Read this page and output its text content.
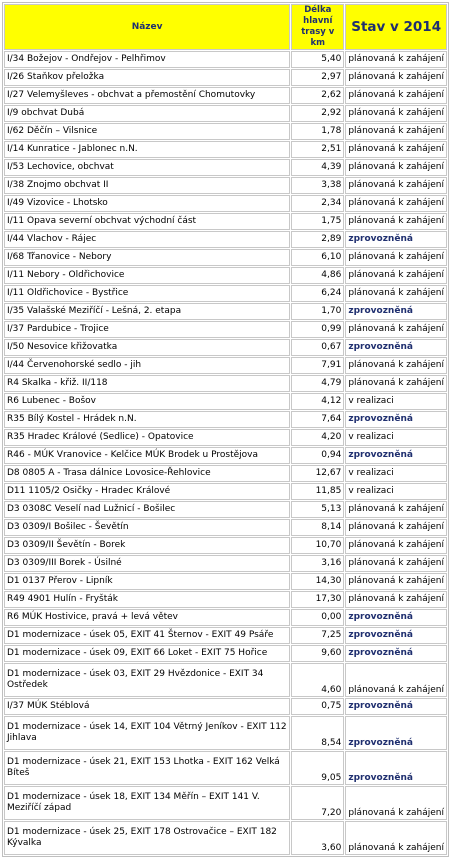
Název	Délka hlavní trasy v km	Stav v 2014
I/34 Božejov - Ondřejov - Pelhřimov	5,40	plánovaná k zahájení
I/26 Staňkov přeložka	2,97	plánovaná k zahájení
I/27 Velemyšleves - obchvat a přemostění Chomutovky	2,62	plánovaná k zahájení
I/9 obchvat Dubá	2,92	plánovaná k zahájení
I/62 Děčín – Vilsnice	1,78	plánovaná k zahájení
I/14 Kunratice - Jablonec n.N.	2,51	plánovaná k zahájení
I/53 Lechovice, obchvat	4,39	plánovaná k zahájení
I/38 Znojmo obchvat II	3,38	plánovaná k zahájení
I/49 Vizovice - Lhotsko	2,34	plánovaná k zahájení
I/11 Opava severní obchvat východní část	1,75	plánovaná k zahájení
I/44 Vlachov - Rájec	2,89	zprovozněná
I/68 Třanovice - Nebory	6,10	plánovaná k zahájení
I/11 Nebory - Oldřichovice	4,86	plánovaná k zahájení
I/11 Oldřichovice - Bystřice	6,24	plánovaná k zahájení
I/35 Valašské Meziříčí - Lešná, 2. etapa	1,70	zprovozněná
I/37 Pardubice - Trojice	0,99	plánovaná k zahájení
I/50 Nesovice křižovatka	0,67	zprovozněná
I/44 Červenohorské sedlo - jih	7,91	plánovaná k zahájení
R4 Skalka - křiž. II/118	4,79	plánovaná k zahájení
R6 Lubenec - Bošov	4,12	v realizaci
R35 Bílý Kostel - Hrádek n.N.	7,64	zprovozněná
R35 Hradec Králové (Sedlice) - Opatovice	4,20	v realizaci
R46 - MÚK Vranovice - Kelčice MÚK Brodek u Prostějova	0,94	zprovozněná
D8 0805 A - Trasa dálnice Lovosice-Řehlovice	12,67	v realizaci
D11 1105/2 Osičky - Hradec Králové	11,85	v realizaci
D3 0308C Veselí nad Lužnicí - Bošilec	5,13	plánovaná k zahájení
D3 0309/I Bošilec - Ševětín	8,14	plánovaná k zahájení
D3 0309/II Ševětín - Borek	10,70	plánovaná k zahájení
D3 0309/III Borek - Úsilné	3,16	plánovaná k zahájení
D1 0137 Přerov - Lipník	14,30	plánovaná k zahájení
R49 4901 Hulín - Fryšták	17,30	plánovaná k zahájení
R6 MÚK Hostivice, pravá + levá větev	0,00	zprovozněná
D1 modernizace - úsek 05, EXIT 41 Šternov - EXIT 49 Psáře	7,25	zprovozněná
D1 modernizace - úsek 09, EXIT 66 Loket - EXIT 75 Hořice	9,60	zprovozněná
D1 modernizace - úsek 03, EXIT 29 Hvězdonice - EXIT 34 Ostředek	4,60	plánovaná k zahájení
I/37 MÚK Stéblová	0,75	zprovozněná
D1 modernizace - úsek 14, EXIT 104 Větrný Jeníkov - EXIT 112 Jihlava	8,54	zprovozněná
D1 modernizace - úsek 21, EXIT 153 Lhotka - EXIT 162 Velká Bíteš	9,05	zprovozněná
D1 modernizace - úsek 18, EXIT 134 Měřín – EXIT 141 V. Meziříčí západ	7,20	plánovaná k zahájení
D1 modernizace - úsek 25, EXIT 178 Ostrovačice – EXIT 182 Kývalka	3,60	plánovaná k zahájení
